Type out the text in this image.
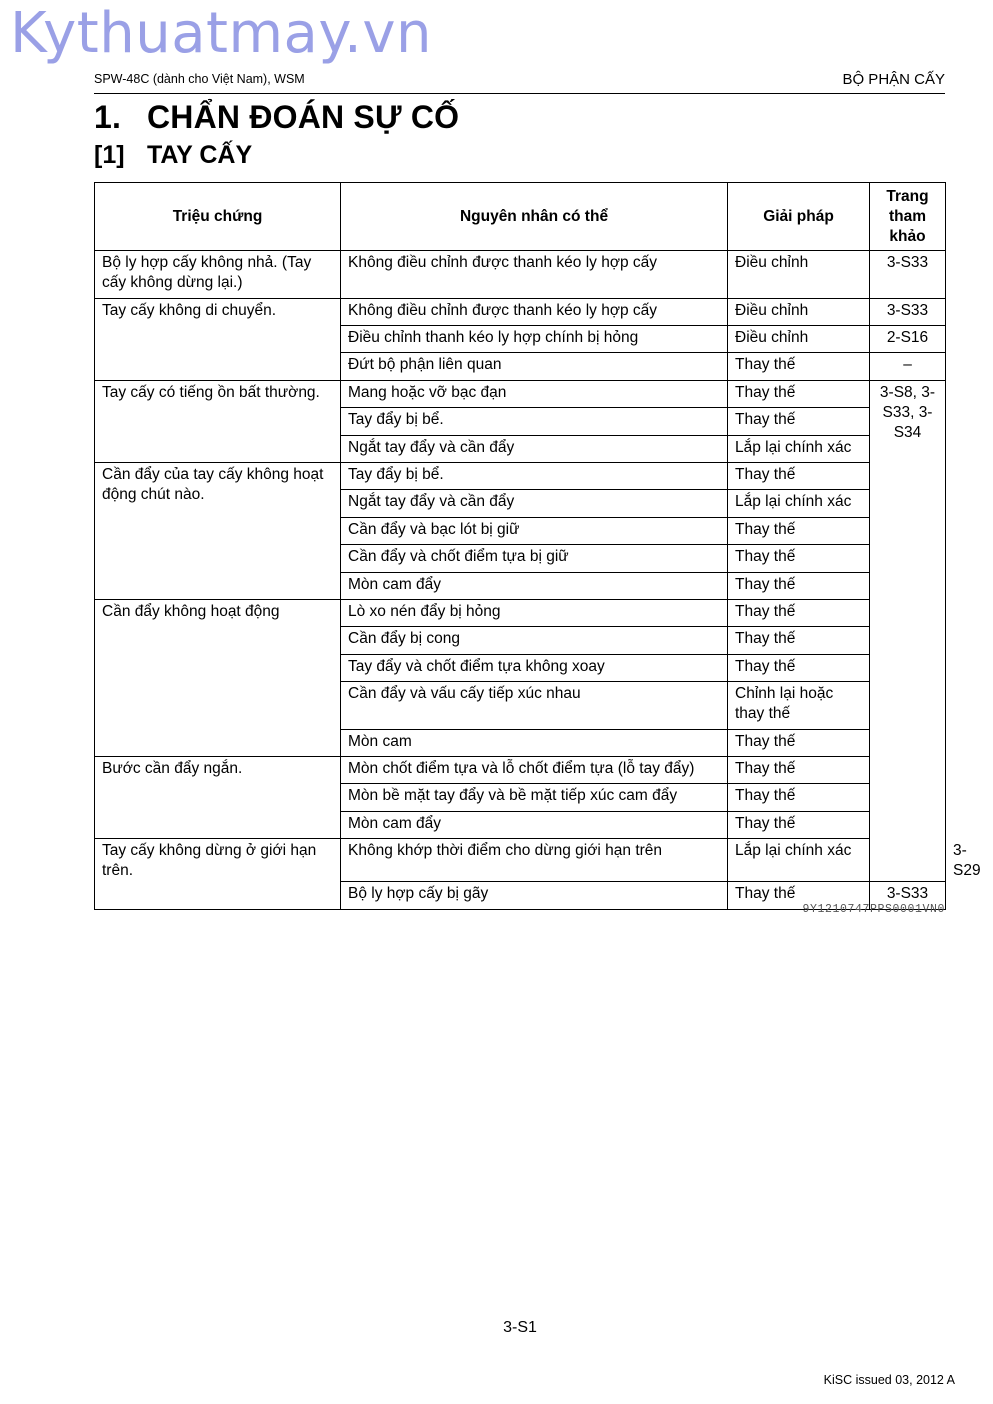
Kythuatmay.vn
SPW-48C (dành cho Việt Nam), WSM	BỘ PHẬN CẤY
1. CHẨN ĐOÁN SỰ CỐ
[1] TAY CẤY
Triệu chứng	Nguyên nhân có thể	Giải pháp	Trang tham khảo	
Bộ ly hợp cấy không nhả. (Tay cấy không dừng lại.)	Không điều chỉnh được thanh kéo ly hợp cấy	Điều chỉnh	3-S33	
Tay cấy không di chuyển.	Không điều chỉnh được thanh kéo ly hợp cấy	Điều chỉnh	3-S33	
	Điều chỉnh thanh kéo ly hợp chính bị hỏng	Điều chỉnh	2-S16	
	Đứt bộ phận liên quan	Thay thế	–	
Tay cấy có tiếng ồn bất thường.	Mang hoặc vỡ bạc đạn	Thay thế	3-S8, 3-S33, 3-S34	
	Tay đẩy bị bể.	Thay thế		
	Ngắt tay đẩy và cần đẩy	Lắp lại chính xác		
Cần đẩy của tay cấy không hoạt động chút nào.	Tay đẩy bị bể.	Thay thế		
	Ngắt tay đẩy và cần đẩy	Lắp lại chính xác		
	Cần đẩy và bạc lót bị giữ	Thay thế		
	Cần đẩy và chốt điểm tựa bị giữ	Thay thế		
	Mòn cam đẩy	Thay thế		
Cần đẩy không hoạt động	Lò xo nén đẩy bị hỏng	Thay thế		
	Cần đẩy bị cong	Thay thế		
	Tay đẩy và chốt điểm tựa không xoay	Thay thế		
	Cần đẩy và vấu cấy tiếp xúc nhau	Chỉnh lại hoặc thay thế		
	Mòn cam	Thay thế		
Bước cần đẩy ngắn.	Mòn chốt điểm tựa và lỗ chốt điểm tựa (lỗ tay đẩy)	Thay thế		
	Mòn bề mặt tay đẩy và bề mặt tiếp xúc cam đẩy	Thay thế		
	Mòn cam đẩy	Thay thế		
Tay cấy không dừng ở giới hạn trên.	Không khớp thời điểm cho dừng giới hạn trên	Lắp lại chính xác		3-S29
	Bộ ly hợp cấy bị gãy	Thay thế	3-S33	
9Y1210747PPS0001VN0
3-S1
KiSC issued 03, 2012 A
